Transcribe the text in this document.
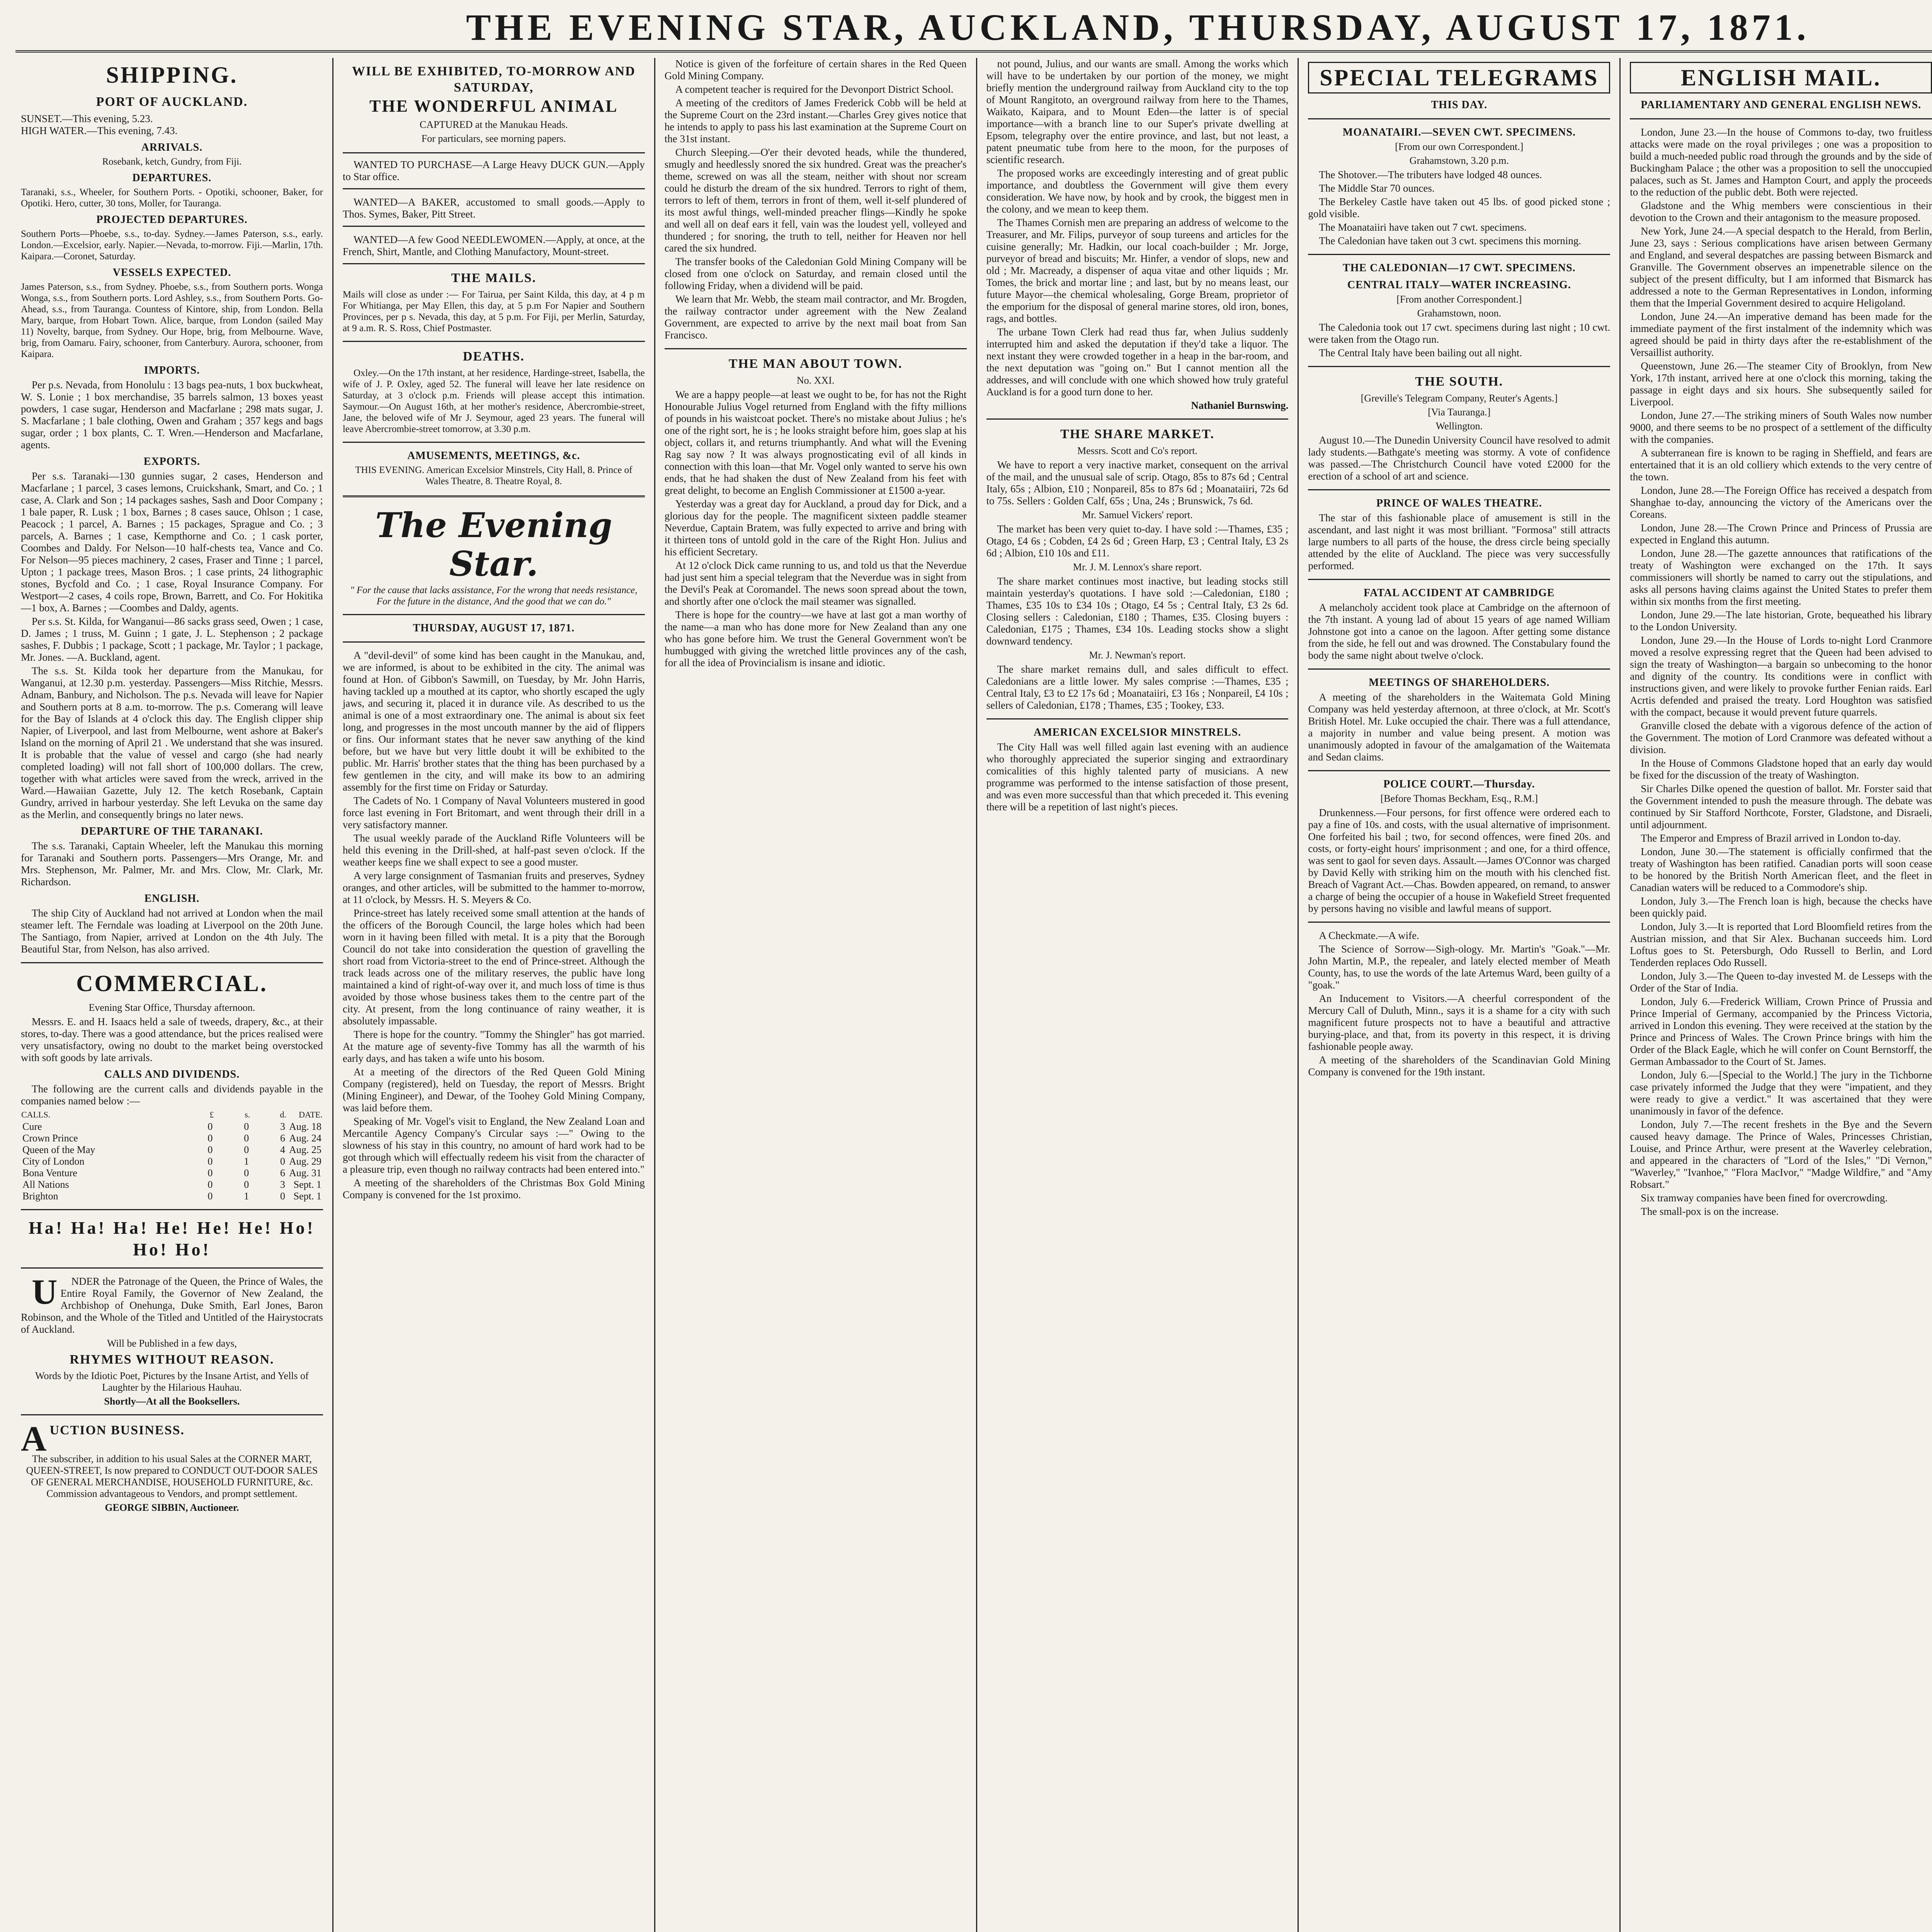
THE EVENING STAR, AUCKLAND, THURSDAY, AUGUST 17, 1871.
SHIPPING.
PORT OF AUCKLAND.
SUNSET.—This evening, 5.23.
HIGH WATER.—This evening, 7.43.
ARRIVALS.
Rosebank, ketch, Gundry, from Fiji.
DEPARTURES.
Taranaki, s.s., Wheeler, for Southern Ports. - Opotiki, schooner, Baker, for Opotiki. Hero, cutter, 30 tons, Moller, for Tauranga.
PROJECTED DEPARTURES.
Southern Ports—Phoebe, s.s., to-day. Sydney.—James Paterson, s.s., early. London.—Excelsior, early. Napier.—Nevada, to-morrow. Fiji.—Marlin, 17th. Kaipara.—Coronet, Saturday.
VESSELS EXPECTED.
James Paterson, s.s., from Sydney. Phoebe, s.s., from Southern ports. Wonga Wonga, s.s., from Southern ports. Lord Ashley, s.s., from Southern Ports. Go-Ahead, s.s., from Tauranga. Countess of Kintore, ship, from London. Bella Mary, barque, from Hobart Town. Alice, barque, from London (sailed May 11) Novelty, barque, from Sydney. Our Hope, brig, from Melbourne. Wave, brig, from Oamaru. Fairy, schooner, from Canterbury. Aurora, schooner, from Kaipara.
IMPORTS.
Per p.s. Nevada, from Honolulu : 13 bags pea-nuts, 1 box buckwheat, W. S. Lonie ; 1 box merchandise, 35 barrels salmon, 13 boxes yeast powders, 1 case sugar, Henderson and Macfarlane ; 298 mats sugar, J. S. Macfarlane ; 1 bale clothing, Owen and Graham ; 357 kegs and bags sugar, order ; 1 box plants, C. T. Wren.—Henderson and Macfarlane, agents.
EXPORTS.
Per s.s. Taranaki—130 gunnies sugar, 2 cases, Henderson and Macfarlane ; 1 parcel, 3 cases lemons, Cruickshank, Smart, and Co. ; 1 case, A. Clark and Son ; 14 packages sashes, Sash and Door Company ; 1 bale paper, R. Lusk ; 1 box, Barnes ; 8 cases sauce, Ohlson ; 1 case, Peacock ; 1 parcel, A. Barnes ; 15 packages, Sprague and Co. ; 3 parcels, A. Barnes ; 1 case, Kempthorne and Co. ; 1 cask porter, Coombes and Daldy. For Nelson—10 half-chests tea, Vance and Co. For Nelson—95 pieces machinery, 2 cases, Fraser and Tinne ; 1 parcel, Upton ; 1 package trees, Mason Bros. ; 1 case prints, 24 lithographic stones, Bycfold and Co. ; 1 case, Royal Insurance Company. For Westport—2 cases, 4 coils rope, Brown, Barrett, and Co. For Hokitika—1 box, A. Barnes ; —Coombes and Daldy, agents.
Per s.s. St. Kilda, for Wanganui—86 sacks grass seed, Owen ; 1 case, D. James ; 1 truss, M. Guinn ; 1 gate, J. L. Stephenson ; 2 package sashes, F. Dubbis ; 1 package, Scott ; 1 package, Mr. Taylor ; 1 package, Mr. Jones. —A. Buckland, agent.
The s.s. St. Kilda took her departure from the Manukau, for Wanganui, at 12.30 p.m. yesterday. Passengers—Miss Ritchie, Messrs. Adnam, Banbury, and Nicholson. The p.s. Nevada will leave for Napier and Southern ports at 8 a.m. to-morrow. The p.s. Comerang will leave for the Bay of Islands at 4 o'clock this day. The English clipper ship Napier, of Liverpool, and last from Melbourne, went ashore at Baker's Island on the morning of April 21 . We understand that she was insured. It is probable that the value of vessel and cargo (she had nearly completed loading) will not fall short of 100,000 dollars. The crew, together with what articles were saved from the wreck, arrived in the Ward.—Hawaiian Gazette, July 12. The ketch Rosebank, Captain Gundry, arrived in harbour yesterday. She left Levuka on the same day as the Merlin, and consequently brings no later news.
DEPARTURE OF THE TARANAKI.
The s.s. Taranaki, Captain Wheeler, left the Manukau this morning for Taranaki and Southern ports. Passengers—Mrs Orange, Mr. and Mrs. Stephenson, Mr. Palmer, Mr. and Mrs. Clow, Mr. Clark, Mr. Richardson.
ENGLISH.
The ship City of Auckland had not arrived at London when the mail steamer left. The Ferndale was loading at Liverpool on the 20th June. The Santiago, from Napier, arrived at London on the 4th July. The Beautiful Star, from Nelson, has also arrived.
COMMERCIAL.
Evening Star Office, Thursday afternoon.
Messrs. E. and H. Isaacs held a sale of tweeds, drapery, &c., at their stores, to-day. There was a good attendance, but the prices realised were very unsatisfactory, owing no doubt to the market being overstocked with soft goods by late arrivals.
CALLS AND DIVIDENDS.
The following are the current calls and dividends payable in the companies named below :—
CALLS.	£	s.	d.	DATE.
Cure	0	0	3	Aug. 18
Crown Prince	0	0	6	Aug. 24
Queen of the May	0	0	4	Aug. 25
City of London	0	1	0	Aug. 29
Bona Venture	0	0	6	Aug. 31
All Nations	0	0	3	Sept. 1
Brighton	0	1	0	Sept. 1
Ha! Ha! Ha! He! He! He! Ho! Ho! Ho!
U NDER the Patronage of the Queen, the Prince of Wales, the Entire Royal Family, the Governor of New Zealand, the Archbishop of Onehunga, Duke Smith, Earl Jones, Baron Robinson, and the Whole of the Titled and Untitled of the Hairystocrats of Auckland.
Will be Published in a few days,
RHYMES WITHOUT REASON.
Words by the Idiotic Poet, Pictures by the Insane Artist, and Yells of Laughter by the Hilarious Hauhau.
Shortly—At all the Booksellers.
AUCTION BUSINESS.
The subscriber, in addition to his usual Sales at the CORNER MART, QUEEN-STREET, Is now prepared to CONDUCT OUT-DOOR SALES OF GENERAL MERCHANDISE, HOUSEHOLD FURNITURE, &c. Commission advantageous to Vendors, and prompt settlement.
GEORGE SIBBIN, Auctioneer.
WILL BE EXHIBITED, TO-MORROW AND SATURDAY,
THE WONDERFUL ANIMAL
CAPTURED at the Manukau Heads.
For particulars, see morning papers.
WANTED TO PURCHASE—A Large Heavy DUCK GUN.—Apply to Star office.
WANTED—A BAKER, accustomed to small goods.—Apply to Thos. Symes, Baker, Pitt Street.
WANTED—A few Good NEEDLEWOMEN.—Apply, at once, at the French, Shirt, Mantle, and Clothing Manufactory, Mount-street.
THE MAILS.
Mails will close as under :— For Tairua, per Saint Kilda, this day, at 4 p m For Whitianga, per May Ellen, this day, at 5 p.m For Napier and Southern Provinces, per p s. Nevada, this day, at 5 p.m. For Fiji, per Merlin, Saturday, at 9 a.m. R. S. Ross, Chief Postmaster.
DEATHS.
Oxley.—On the 17th instant, at her residence, Hardinge-street, Isabella, the wife of J. P. Oxley, aged 52. The funeral will leave her late residence on Saturday, at 3 o'clock p.m. Friends will please accept this intimation. Saymour.—On August 16th, at her mother's residence, Abercrombie-street, Jane, the beloved wife of Mr J. Seymour, aged 23 years. The funeral will leave Abercrombie-street tomorrow, at 3.30 p.m.
AMUSEMENTS, MEETINGS, &c.
THIS EVENING. American Excelsior Minstrels, City Hall, 8. Prince of Wales Theatre, 8. Theatre Royal, 8.
The Evening Star.
" For the cause that lacks assistance, For the wrong that needs resistance, For the future in the distance, And the good that we can do."
THURSDAY, AUGUST 17, 1871.
A "devil-devil" of some kind has been caught in the Manukau, and, we are informed, is about to be exhibited in the city. The animal was found at Hon. of Gibbon's Sawmill, on Tuesday, by Mr. John Harris, having tackled up a mouthed at its captor, who shortly escaped the ugly jaws, and securing it, placed it in durance vile. As described to us the animal is one of a most extraordinary one. The animal is about six feet long, and progresses in the most uncouth manner by the aid of flippers or fins. Our informant states that he never saw anything of the kind before, but we have but very little doubt it will be exhibited to the public. Mr. Harris' brother states that the thing has been purchased by a few gentlemen in the city, and will make its bow to an admiring assembly for the first time on Friday or Saturday.
The Cadets of No. 1 Company of Naval Volunteers mustered in good force last evening in Fort Britomart, and went through their drill in a very satisfactory manner.
The usual weekly parade of the Auckland Rifle Volunteers will be held this evening in the Drill-shed, at half-past seven o'clock. If the weather keeps fine we shall expect to see a good muster.
A very large consignment of Tasmanian fruits and preserves, Sydney oranges, and other articles, will be submitted to the hammer to-morrow, at 11 o'clock, by Messrs. H. S. Meyers & Co.
Prince-street has lately received some small attention at the hands of the officers of the Borough Council, the large holes which had been worn in it having been filled with metal. It is a pity that the Borough Council do not take into consideration the question of gravelling the short road from Victoria-street to the end of Prince-street. Although the track leads across one of the military reserves, the public have long maintained a kind of right-of-way over it, and much loss of time is thus avoided by those whose business takes them to the centre part of the city. At present, from the long continuance of rainy weather, it is absolutely impassable.
There is hope for the country. "Tommy the Shingler" has got married. At the mature age of seventy-five Tommy has all the warmth of his early days, and has taken a wife unto his bosom.
At a meeting of the directors of the Red Queen Gold Mining Company (registered), held on Tuesday, the report of Messrs. Bright (Mining Engineer), and Dewar, of the Toohey Gold Mining Company, was laid before them.
Speaking of Mr. Vogel's visit to England, the New Zealand Loan and Mercantile Agency Company's Circular says :—" Owing to the slowness of his stay in this country, no amount of hard work had to be got through which will effectually redeem his visit from the character of a pleasure trip, even though no railway contracts had been entered into."
A meeting of the shareholders of the Christmas Box Gold Mining Company is convened for the 1st proximo.
Notice is given of the forfeiture of certain shares in the Red Queen Gold Mining Company.
A competent teacher is required for the Devonport District School.
A meeting of the creditors of James Frederick Cobb will be held at the Supreme Court on the 23rd instant.—Charles Grey gives notice that he intends to apply to pass his last examination at the Supreme Court on the 31st instant.
Church Sleeping.—O'er their devoted heads, while the thundered, smugly and heedlessly snored the six hundred. Great was the preacher's theme, screwed on was all the steam, neither with shout nor scream could he disturb the dream of the six hundred. Terrors to right of them, terrors to left of them, terrors in front of them, well it-self plundered of its most awful things, well-minded preacher flings—Kindly he spoke and well all on deaf ears it fell, vain was the loudest yell, volleyed and thundered ; for snoring, the truth to tell, neither for Heaven nor hell cared the six hundred.
The transfer books of the Caledonian Gold Mining Company will be closed from one o'clock on Saturday, and remain closed until the following Friday, when a dividend will be paid.
We learn that Mr. Webb, the steam mail contractor, and Mr. Brogden, the railway contractor under agreement with the New Zealand Government, are expected to arrive by the next mail boat from San Francisco.
THE MAN ABOUT TOWN.
No. XXI.
We are a happy people—at least we ought to be, for has not the Right Honourable Julius Vogel returned from England with the fifty millions of pounds in his waistcoat pocket. There's no mistake about Julius ; he's one of the right sort, he is ; he looks straight before him, goes slap at his object, collars it, and returns triumphantly. And what will the Evening Rag say now ? It was always prognosticating evil of all kinds in connection with this loan—that Mr. Vogel only wanted to serve his own ends, that he had shaken the dust of New Zealand from his feet with great delight, to become an English Commissioner at £1500 a-year.
Yesterday was a great day for Auckland, a proud day for Dick, and a glorious day for the people. The magnificent sixteen paddle steamer Neverdue, Captain Bratem, was fully expected to arrive and bring with it thirteen tons of untold gold in the care of the Right Hon. Julius and his efficient Secretary.
At 12 o'clock Dick came running to us, and told us that the Neverdue had just sent him a special telegram that the Neverdue was in sight from the Devil's Peak at Coromandel. The news soon spread about the town, and shortly after one o'clock the mail steamer was signalled.
There is hope for the country—we have at last got a man worthy of the name—a man who has done more for New Zealand than any one who has gone before him. We trust the General Government won't be humbugged with giving the wretched little provinces any of the cash, for all the idea of Provincialism is insane and idiotic.
not pound, Julius, and our wants are small. Among the works which will have to be undertaken by our portion of the money, we might briefly mention the underground railway from Auckland city to the top of Mount Rangitoto, an overground railway from here to the Thames, Waikato, Kaipara, and to Mount Eden—the latter is of special importance—with a branch line to our Super's private dwelling at Epsom, telegraphy over the entire province, and last, but not least, a patent pneumatic tube from here to the moon, for the purposes of scientific research.
The proposed works are exceedingly interesting and of great public importance, and doubtless the Government will give them every consideration. We have now, by hook and by crook, the biggest men in the colony, and we mean to keep them.
The Thames Cornish men are preparing an address of welcome to the Treasurer, and Mr. Filips, purveyor of soup tureens and articles for the cuisine generally; Mr. Hadkin, our local coach-builder ; Mr. Jorge, purveyor of bread and biscuits; Mr. Hinfer, a vendor of slops, new and old ; Mr. Macready, a dispenser of aqua vitae and other liquids ; Mr. Tomes, the brick and mortar line ; and last, but by no means least, our future Mayor—the chemical wholesaling, Gorge Bream, proprietor of the emporium for the disposal of general marine stores, old iron, bones, rags, and bottles.
The urbane Town Clerk had read thus far, when Julius suddenly interrupted him and asked the deputation if they'd take a liquor. The next instant they were crowded together in a heap in the bar-room, and the next deputation was "going on." But I cannot mention all the addresses, and will conclude with one which showed how truly grateful Auckland is for a good turn done to her.
Nathaniel Burnswing.
THE SHARE MARKET.
Messrs. Scott and Co's report.
We have to report a very inactive market, consequent on the arrival of the mail, and the unusual sale of scrip. Otago, 85s to 87s 6d ; Central Italy, 65s ; Albion, £10 ; Nonpareil, 85s to 87s 6d ; Moanataiiri, 72s 6d to 75s. Sellers : Golden Calf, 65s ; Una, 24s ; Brunswick, 7s 6d.
Mr. Samuel Vickers' report.
The market has been very quiet to-day. I have sold :—Thames, £35 ; Otago, £4 6s ; Cobden, £4 2s 6d ; Green Harp, £3 ; Central Italy, £3 2s 6d ; Albion, £10 10s and £11.
Mr. J. M. Lennox's share report.
The share market continues most inactive, but leading stocks still maintain yesterday's quotations. I have sold :—Caledonian, £180 ; Thames, £35 10s to £34 10s ; Otago, £4 5s ; Central Italy, £3 2s 6d. Closing sellers : Caledonian, £180 ; Thames, £35. Closing buyers : Caledonian, £175 ; Thames, £34 10s. Leading stocks show a slight downward tendency.
Mr. J. Newman's report.
The share market remains dull, and sales difficult to effect. Caledonians are a little lower. My sales comprise :—Thames, £35 ; Central Italy, £3 to £2 17s 6d ; Moanataiiri, £3 16s ; Nonpareil, £4 10s ; sellers of Caledonian, £178 ; Thames, £35 ; Tookey, £33.
AMERICAN EXCELSIOR MINSTRELS.
The City Hall was well filled again last evening with an audience who thoroughly appreciated the superior singing and extraordinary comicalities of this highly talented party of musicians. A new programme was performed to the intense satisfaction of those present, and was even more successful than that which preceded it. This evening there will be a repetition of last night's pieces.
SPECIAL TELEGRAMS
THIS DAY.
MOANATAIRI.—SEVEN CWT. SPECIMENS.
[From our own Correspondent.]
Grahamstown, 3.20 p.m.
The Shotover.—The tributers have lodged 48 ounces.
The Middle Star 70 ounces.
The Berkeley Castle have taken out 45 lbs. of good picked stone ; gold visible.
The Moanataiiri have taken out 7 cwt. specimens.
The Caledonian have taken out 3 cwt. specimens this morning.
THE CALEDONIAN—17 CWT. SPECIMENS.
CENTRAL ITALY—WATER INCREASING.
[From another Correspondent.]
Grahamstown, noon.
The Caledonia took out 17 cwt. specimens during last night ; 10 cwt. were taken from the Otago run.
The Central Italy have been bailing out all night.
THE SOUTH.
[Greville's Telegram Company, Reuter's Agents.]
[Via Tauranga.]
Wellington.
August 10.—The Dunedin University Council have resolved to admit lady students.—Bathgate's meeting was stormy. A vote of confidence was passed.—The Christchurch Council have voted £2000 for the erection of a school of art and science.
PRINCE OF WALES THEATRE.
The star of this fashionable place of amusement is still in the ascendant, and last night it was most brilliant. "Formosa" still attracts large numbers to all parts of the house, the dress circle being specially attended by the elite of Auckland. The piece was very successfully performed.
FATAL ACCIDENT AT CAMBRIDGE
A melancholy accident took place at Cambridge on the afternoon of the 7th instant. A young lad of about 15 years of age named William Johnstone got into a canoe on the lagoon. After getting some distance from the side, he fell out and was drowned. The Constabulary found the body the same night about twelve o'clock.
MEETINGS OF SHAREHOLDERS.
A meeting of the shareholders in the Waitemata Gold Mining Company was held yesterday afternoon, at three o'clock, at Mr. Scott's British Hotel. Mr. Luke occupied the chair. There was a full attendance, a majority in number and value being present. A motion was unanimously adopted in favour of the amalgamation of the Waitemata and Sedan claims.
POLICE COURT.—Thursday.
[Before Thomas Beckham, Esq., R.M.]
Drunkenness.—Four persons, for first offence were ordered each to pay a fine of 10s. and costs, with the usual alternative of imprisonment. One forfeited his bail ; two, for second offences, were fined 20s. and costs, or forty-eight hours' imprisonment ; and one, for a third offence, was sent to gaol for seven days. Assault.—James O'Connor was charged by David Kelly with striking him on the mouth with his clenched fist. Breach of Vagrant Act.—Chas. Bowden appeared, on remand, to answer a charge of being the occupier of a house in Wakefield Street frequented by persons having no visible and lawful means of support.
A Checkmate.—A wife.
The Science of Sorrow—Sigh-ology. Mr. Martin's "Goak."—Mr. John Martin, M.P., the repealer, and lately elected member of Meath County, has, to use the words of the late Artemus Ward, been guilty of a "goak."
An Inducement to Visitors.—A cheerful correspondent of the Mercury Call of Duluth, Minn., says it is a shame for a city with such magnificent future prospects not to have a beautiful and attractive burying-place, and that, from its poverty in this respect, it is driving fashionable people away.
A meeting of the shareholders of the Scandinavian Gold Mining Company is convened for the 19th instant.
ENGLISH MAIL.
PARLIAMENTARY AND GENERAL ENGLISH NEWS.
London, June 23.—In the house of Commons to-day, two fruitless attacks were made on the royal privileges ; one was a proposition to build a much-needed public road through the grounds and by the side of Buckingham Palace ; the other was a proposition to sell the unoccupied palaces, such as St. James and Hampton Court, and apply the proceeds to the reduction of the public debt. Both were rejected.
Gladstone and the Whig members were conscientious in their devotion to the Crown and their antagonism to the measure proposed.
New York, June 24.—A special despatch to the Herald, from Berlin, June 23, says : Serious complications have arisen between Germany and England, and several despatches are passing between Bismarck and Granville. The Government observes an impenetrable silence on the subject of the present difficulty, but I am informed that Bismarck has addressed a note to the German Representatives in London, informing them that the Imperial Government desired to acquire Heligoland.
London, June 24.—An imperative demand has been made for the immediate payment of the first instalment of the indemnity which was agreed should be paid in thirty days after the re-establishment of the Versaillist authority.
Queenstown, June 26.—The steamer City of Brooklyn, from New York, 17th instant, arrived here at one o'clock this morning, taking the passage in eight days and six hours. She subsequently sailed for Liverpool.
London, June 27.—The striking miners of South Wales now number 9000, and there seems to be no prospect of a settlement of the difficulty with the companies.
A subterranean fire is known to be raging in Sheffield, and fears are entertained that it is an old colliery which extends to the very centre of the town.
London, June 28.—The Foreign Office has received a despatch from Shanghae to-day, announcing the victory of the Americans over the Coreans.
London, June 28.—The Crown Prince and Princess of Prussia are expected in England this autumn.
London, June 28.—The gazette announces that ratifications of the treaty of Washington were exchanged on the 17th. It says commissioners will shortly be named to carry out the stipulations, and asks all persons having claims against the United States to prefer them within six months from the first meeting.
London, June 29.—The late historian, Grote, bequeathed his library to the London University.
London, June 29.—In the House of Lords to-night Lord Cranmore moved a resolve expressing regret that the Queen had been advised to sign the treaty of Washington—a bargain so unbecoming to the honor and dignity of the country. Its conditions were in conflict with instructions given, and were likely to provoke further Fenian raids. Earl Acrtis defended and praised the treaty. Lord Houghton was satisfied with the compact, because it would prevent future quarrels.
Granville closed the debate with a vigorous defence of the action of the Government. The motion of Lord Cranmore was defeated without a division.
In the House of Commons Gladstone hoped that an early day would be fixed for the discussion of the treaty of Washington.
Sir Charles Dilke opened the question of ballot. Mr. Forster said that the Government intended to push the measure through. The debate was continued by Sir Stafford Northcote, Forster, Gladstone, and Disraeli, until adjournment.
The Emperor and Empress of Brazil arrived in London to-day.
London, June 30.—The statement is officially confirmed that the treaty of Washington has been ratified. Canadian ports will soon cease to be honored by the British North American fleet, and the fleet in Canadian waters will be reduced to a Commodore's ship.
London, July 3.—The French loan is high, because the checks have been quickly paid.
London, July 3.—It is reported that Lord Bloomfield retires from the Austrian mission, and that Sir Alex. Buchanan succeeds him. Lord Loftus goes to St. Petersburgh, Odo Russell to Berlin, and Lord Tenderden replaces Odo Russell.
London, July 3.—The Queen to-day invested M. de Lesseps with the Order of the Star of India.
London, July 6.—Frederick William, Crown Prince of Prussia and Prince Imperial of Germany, accompanied by the Princess Victoria, arrived in London this evening. They were received at the station by the Prince and Princess of Wales. The Crown Prince brings with him the Order of the Black Eagle, which he will confer on Count Bernstorff, the German Ambassador to the Court of St. James.
London, July 6.—[Special to the World.] The jury in the Tichborne case privately informed the Judge that they were "impatient, and they were ready to give a verdict." It was ascertained that they were unanimously in favor of the defence.
London, July 7.—The recent freshets in the Bye and the Severn caused heavy damage. The Prince of Wales, Princesses Christian, Louise, and Prince Arthur, were present at the Waverley celebration, and appeared in the characters of "Lord of the Isles," "Di Vernon," "Waverley," "Ivanhoe," "Flora MacIvor," "Madge Wildfire," and "Amy Robsart."
Six tramway companies have been fined for overcrowding.
The small-pox is on the increase.
